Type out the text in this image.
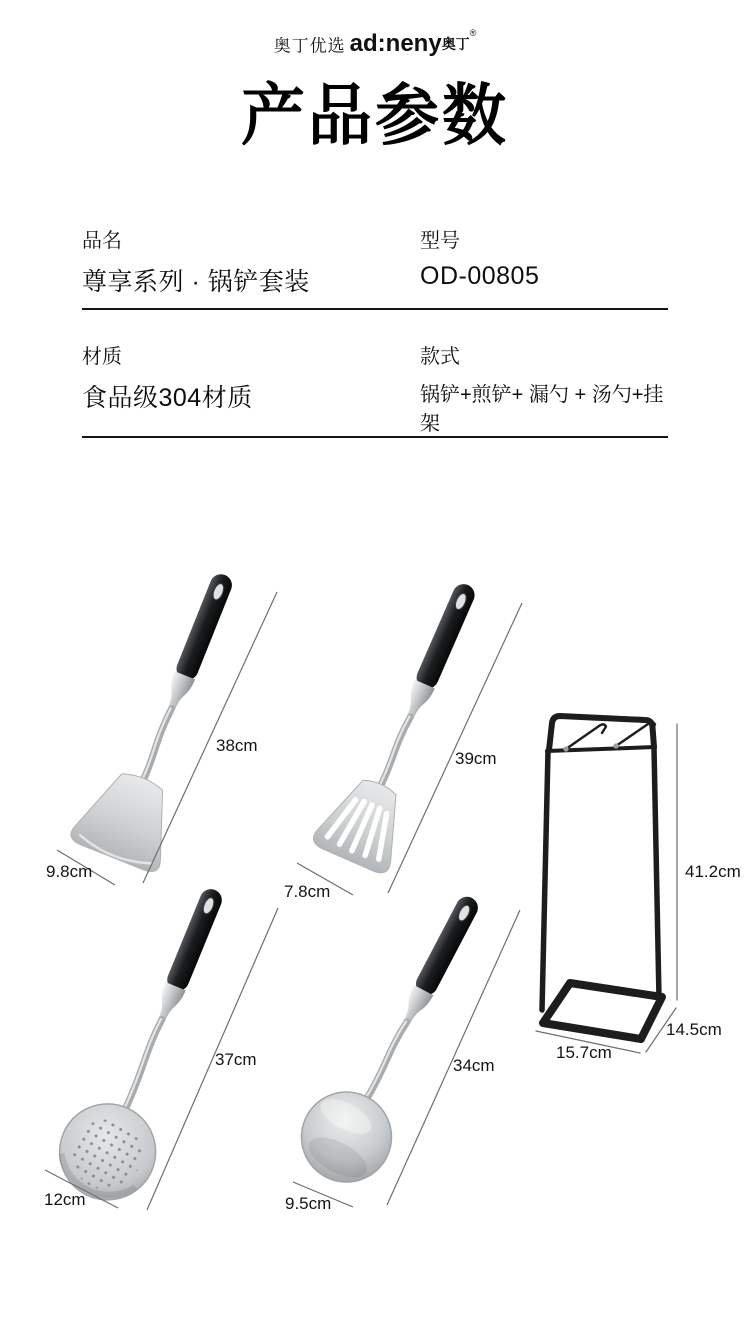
奥丁优选 ad:neny奥丁®
产品参数
品名
尊享系列 · 锅铲套装
型号
OD-00805
材质
食品级304材质
款式
锅铲+煎铲+ 漏勺 + 汤勺+挂架
38cm
9.8cm
39cm
7.8cm
41.2cm
14.5cm
15.7cm
37cm
12cm
34cm
9.5cm
